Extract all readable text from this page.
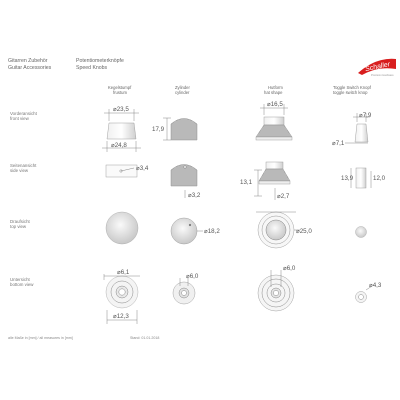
Gitarren Zubehör
Guitar Accessories
Potentiometerknöpfe
Speed Knobs
Kegelstumpf
frustum
Zylinder
cylinder
Hutform
hat shape
Toggle Switch Knopf
toggle switch knop
Vorderansicht
front view
Seitenansicht
side view
Draufsicht
top view
Untersicht
bottom view
Schaller
Precision Hardware
⌀23,5
⌀24,8
⌀3,4
⌀6,1
⌀12,3
17,9
⌀3,2
⌀18,2
⌀6,0
⌀16,5
13,1
⌀2,7
⌀25,0
⌀6,0
⌀7,9
⌀7,1
13,9	12,0
⌀4,3
alle Maße in [mm] / all measures in [mm]	Stand: 01.01.2018
